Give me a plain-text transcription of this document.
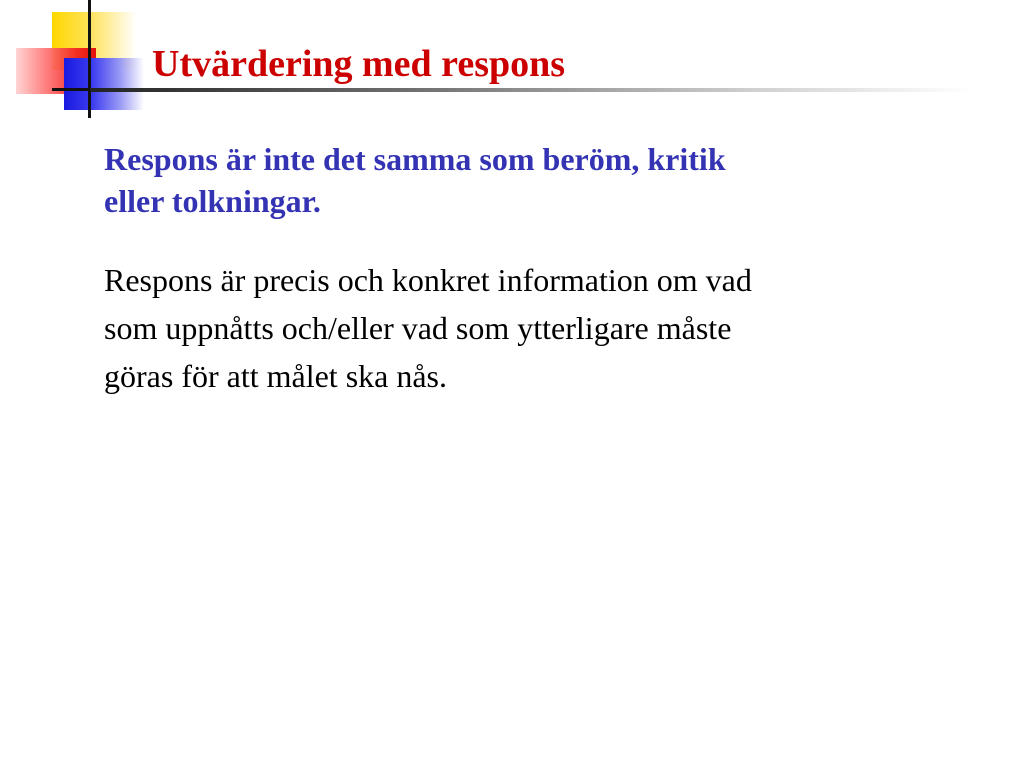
Utvärdering med respons

Respons är inte det samma som beröm, kritik
eller tolkningar.

Respons är precis och konkret information om vad
som uppnåtts och/eller vad som ytterligare måste
göras för att målet ska nås.
